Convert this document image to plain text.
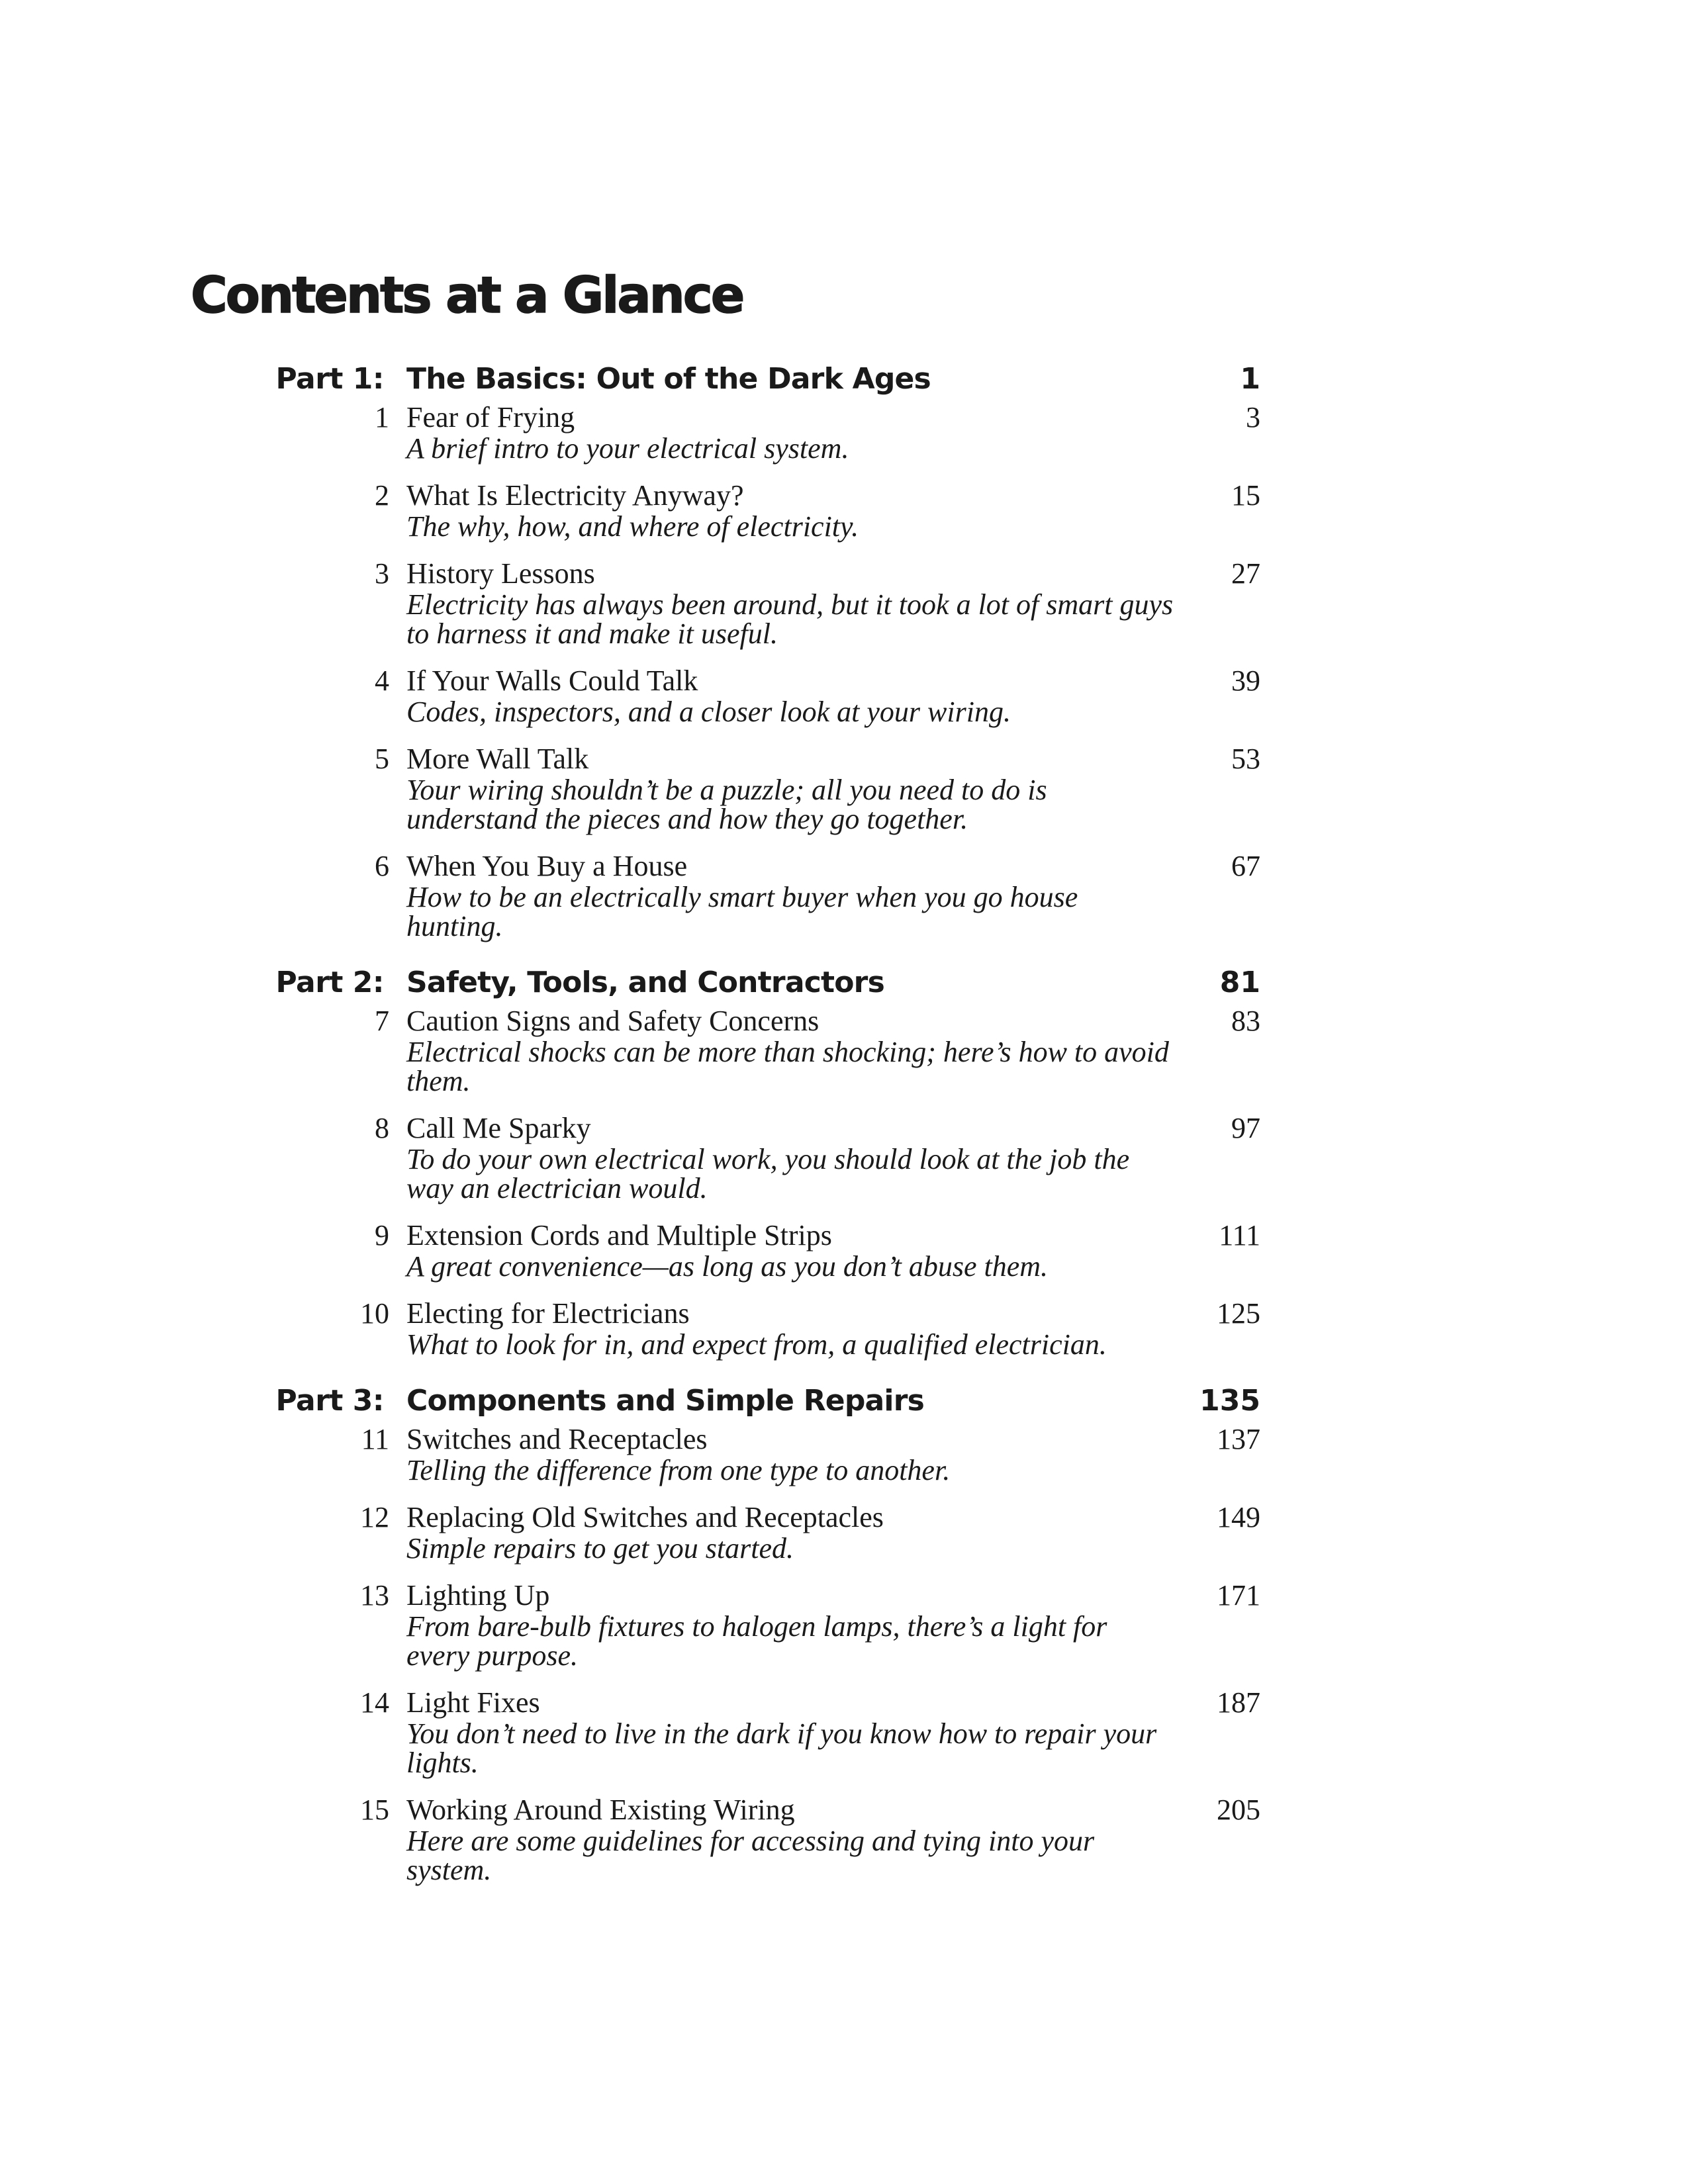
Contents at a Glance
Part 1: The Basics: Out of the Dark Ages	1
1 Fear of Frying	3
A brief intro to your electrical system.
2 What Is Electricity Anyway?	15
The why, how, and where of electricity.
3 History Lessons	27
Electricity has always been around, but it took a lot of smart guys to harness it and make it useful.
4 If Your Walls Could Talk	39
Codes, inspectors, and a closer look at your wiring.
5 More Wall Talk	53
Your wiring shouldn’t be a puzzle; all you need to do is understand the pieces and how they go together.
6 When You Buy a House	67
How to be an electrically smart buyer when you go house hunting.
Part 2: Safety, Tools, and Contractors	81
7 Caution Signs and Safety Concerns	83
Electrical shocks can be more than shocking; here’s how to avoid them.
8 Call Me Sparky	97
To do your own electrical work, you should look at the job the way an electrician would.
9 Extension Cords and Multiple Strips	111
A great convenience—as long as you don’t abuse them.
10 Electing for Electricians	125
What to look for in, and expect from, a qualified electrician.
Part 3: Components and Simple Repairs	135
11 Switches and Receptacles	137
Telling the difference from one type to another.
12 Replacing Old Switches and Receptacles	149
Simple repairs to get you started.
13 Lighting Up	171
From bare-bulb fixtures to halogen lamps, there’s a light for every purpose.
14 Light Fixes	187
You don’t need to live in the dark if you know how to repair your lights.
15 Working Around Existing Wiring	205
Here are some guidelines for accessing and tying into your system.
